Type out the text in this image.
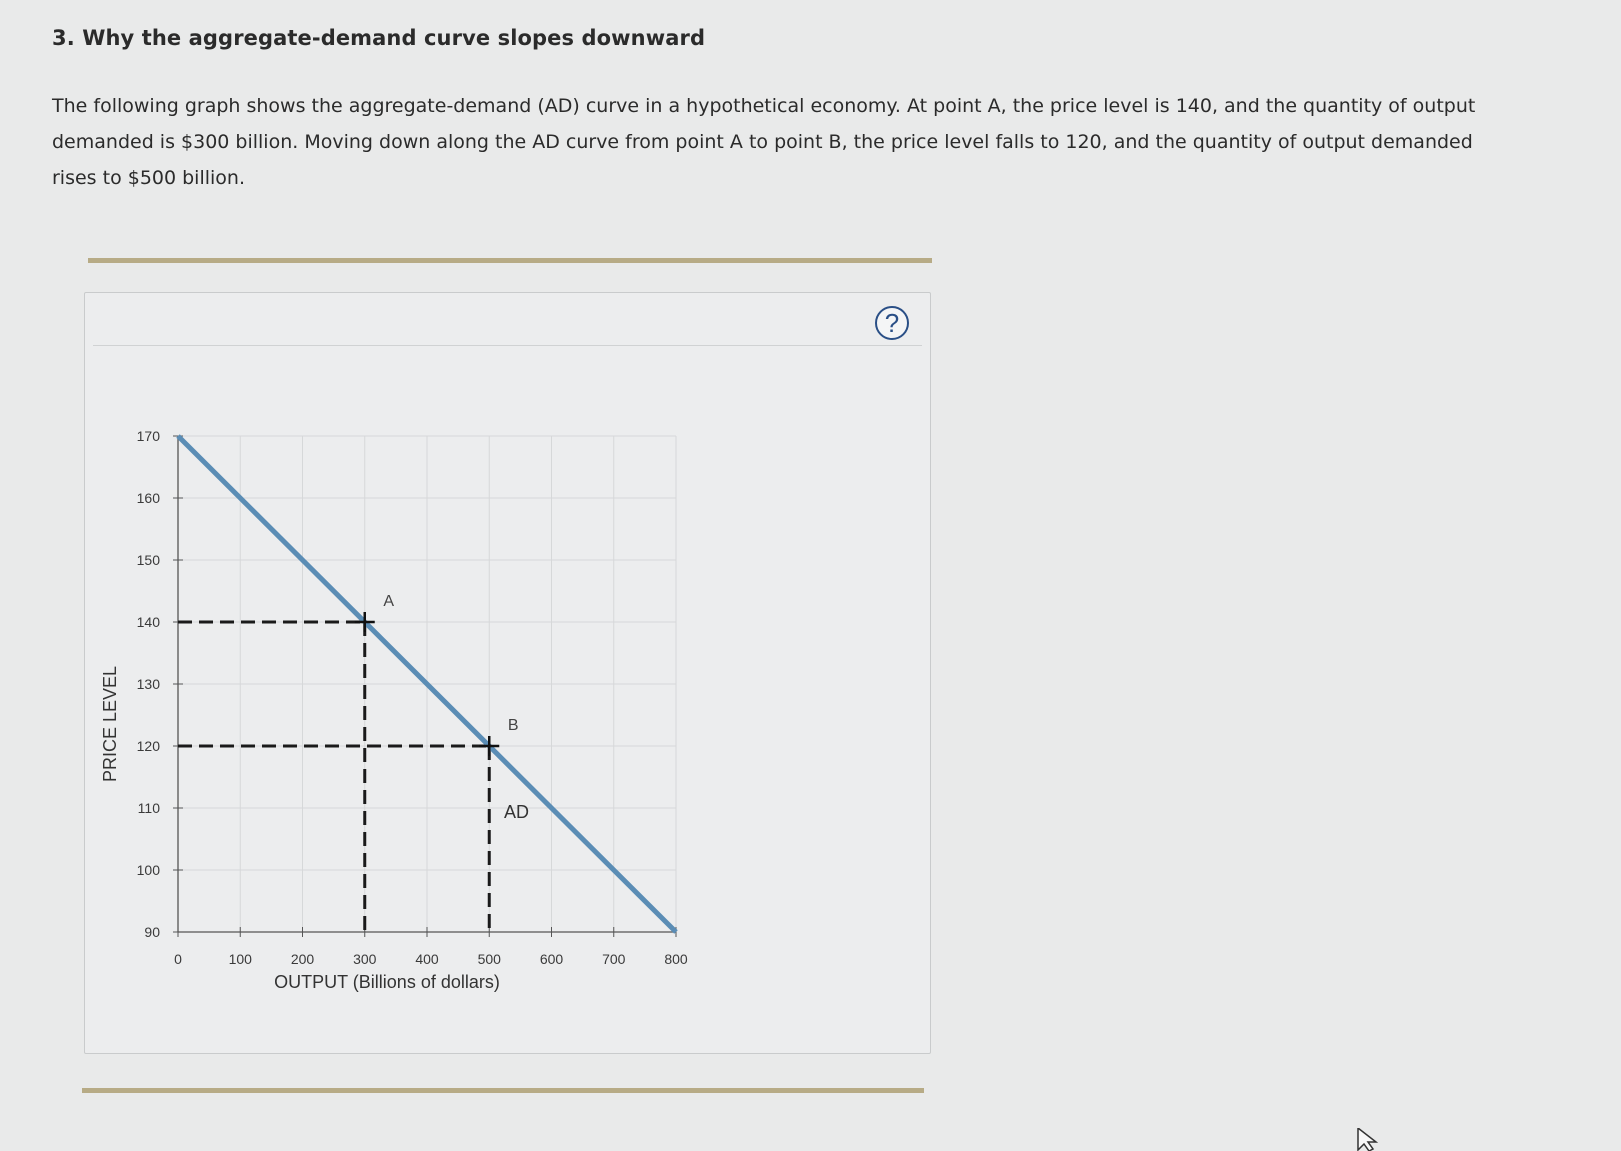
3. Why the aggregate-demand curve slopes downward
The following graph shows the aggregate-demand (AD) curve in a hypothetical economy. At point A, the price level is 140, and the quantity of output demanded is $300 billion. Moving down along the AD curve from point A to point B, the price level falls to 120, and the quantity of output demanded rises to $500 billion.
?
0	100	200	300	400	500	600	700	800
90
100
110
120
130
140
150
160
170
OUTPUT (Billions of dollars)
PRICE LEVEL
AD
A
B
